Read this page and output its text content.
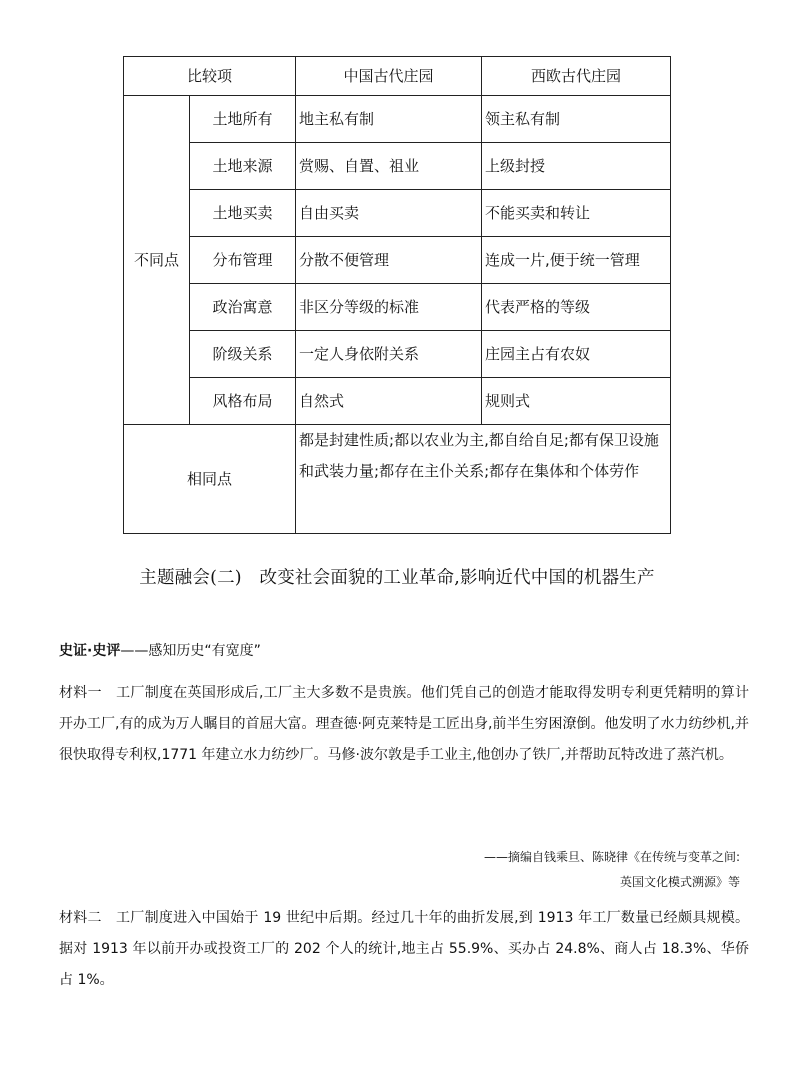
比较项		中国古代庄园	西欧古代庄园
不同点	土地所有	地主私有制	领主私有制
	土地来源	赏赐、自置、祖业	上级封授
	土地买卖	自由买卖	不能买卖和转让
	分布管理	分散不便管理	连成一片,便于统一管理
	政治寓意	非区分等级的标准	代表严格的等级
	阶级关系	一定人身依附关系	庄园主占有农奴
	风格布局	自然式	规则式
相同点		都是封建性质;都以农业为主,都自给自足;都有保卫设施和武装力量;都存在主仆关系;都存在集体和个体劳作	
主题融会(二)　改变社会面貌的工业革命,影响近代中国的机器生产
史证·史评——感知历史“有宽度”
材料一　工厂制度在英国形成后,工厂主大多数不是贵族。他们凭自己的创造才能取得发明专利更凭精明的算计开办工厂,有的成为万人瞩目的首屈大富。理查德·阿克莱特是工匠出身,前半生穷困潦倒。他发明了水力纺纱机,并很快取得专利权,1771 年建立水力纺纱厂。马修·波尔敦是手工业主,他创办了铁厂,并帮助瓦特改进了蒸汽机。
——摘编自钱乘旦、陈晓律《在传统与变革之间:
英国文化模式溯源》等
材料二　工厂制度进入中国始于 19 世纪中后期。经过几十年的曲折发展,到 1913 年工厂数量已经颇具规模。据对 1913 年以前开办或投资工厂的 202 个人的统计,地主占 55.9%、买办占 24.8%、商人占 18.3%、华侨占 1%。
